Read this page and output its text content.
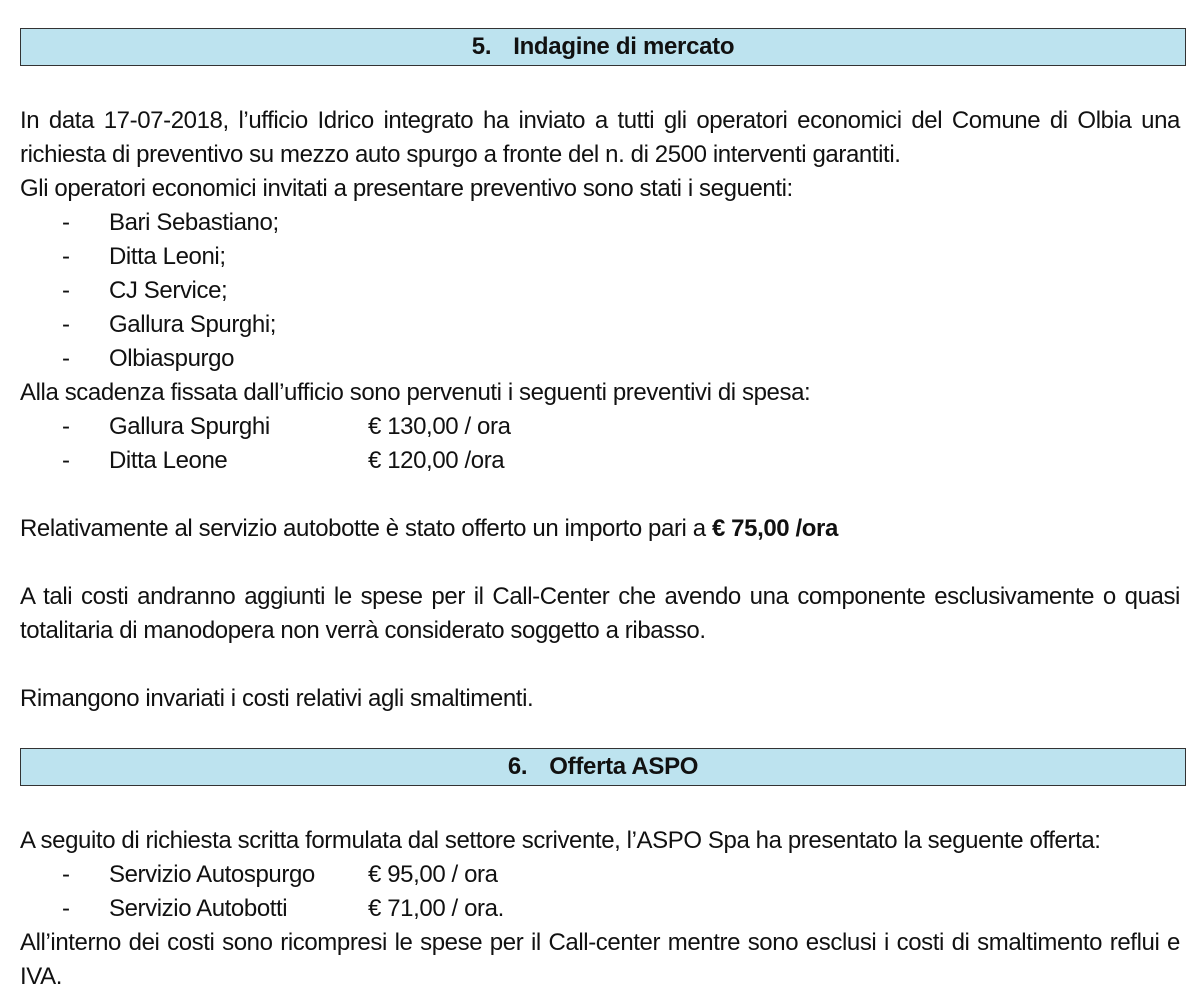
5. Indagine di mercato
In data 17-07-2018, l’ufficio Idrico integrato ha inviato a tutti gli operatori economici del Comune di Olbia una richiesta di preventivo su mezzo auto spurgo a fronte del n. di 2500 interventi garantiti.
Gli operatori economici invitati a presentare preventivo sono stati i seguenti:
- Bari Sebastiano;
- Ditta Leoni;
- CJ Service;
- Gallura Spurghi;
- Olbiaspurgo
Alla scadenza fissata dall’ufficio sono pervenuti i seguenti preventivi di spesa:
- Gallura Spurghi	€ 130,00 / ora
- Ditta Leone	€ 120,00 /ora
Relativamente al servizio autobotte è stato offerto un importo pari a € 75,00 /ora
A tali costi andranno aggiunti le spese per il Call-Center che avendo una componente esclusivamente o quasi totalitaria di manodopera non verrà considerato soggetto a ribasso.
Rimangono invariati i costi relativi agli smaltimenti.
6. Offerta ASPO
A seguito di richiesta scritta formulata dal settore scrivente, l’ASPO Spa ha presentato la seguente offerta:
- Servizio Autospurgo € 95,00 / ora
- Servizio Autobotti	€ 71,00 / ora.
All’interno dei costi sono ricompresi le spese per il Call-center mentre sono esclusi i costi di smaltimento reflui e IVA.
